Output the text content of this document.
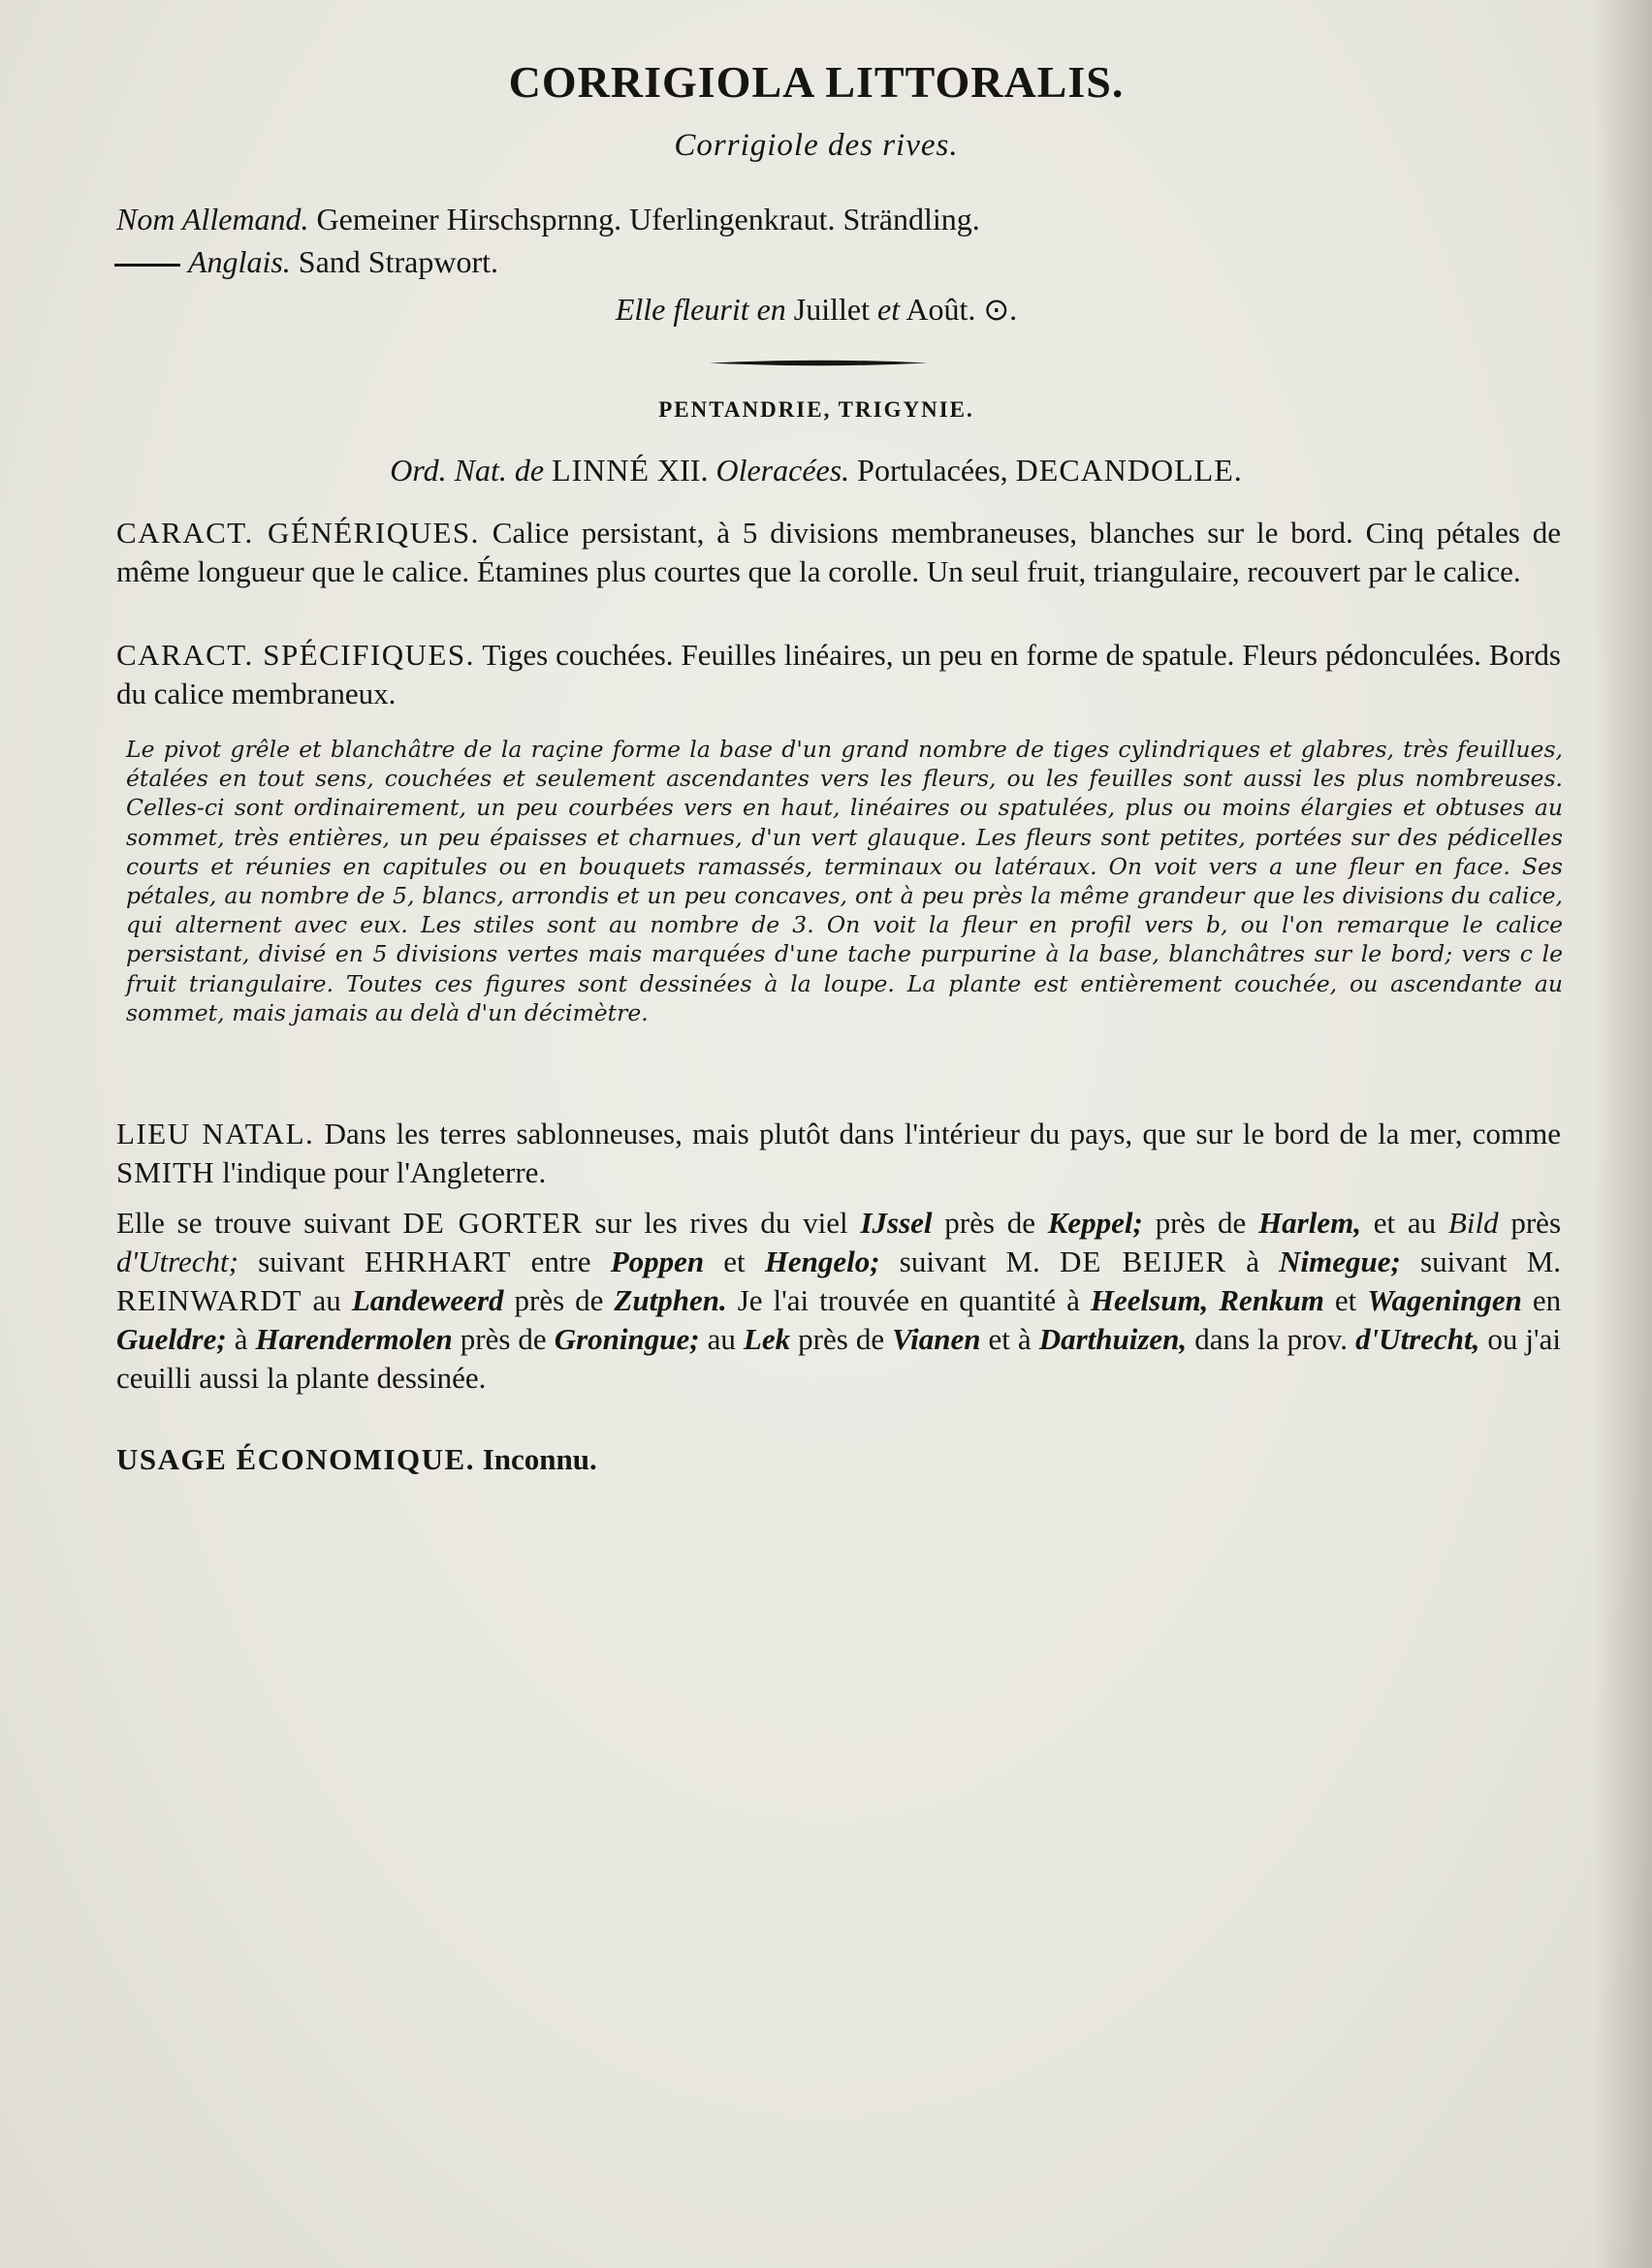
CORRIGIOLA LITTORALIS.
Corrigiole des rives.
Nom Allemand. Gemeiner Hirschsprnng. Uferlingenkraut. Strändling.
Anglais. Sand Strapwort.
Elle fleurit en Juillet et Août. ⊙.
PENTANDRIE, TRIGYNIE.
Ord. Nat. de LINNÉ XII. Oleracées. Portulacées, DECANDOLLE.
CARACT. GÉNÉRIQUES. Calice persistant, à 5 divisions membraneuses, blanches sur le bord. Cinq pétales de même longueur que le calice. Étamines plus courtes que la corolle. Un seul fruit, triangulaire, recouvert par le calice.
CARACT. SPÉCIFIQUES. Tiges couchées. Feuilles linéaires, un peu en forme de spatule. Fleurs pédonculées. Bords du calice membraneux.
Le pivot grêle et blanchâtre de la raçine forme la base d'un grand nombre de tiges cylindriques et glabres, très feuillues, étalées en tout sens, couchées et seulement ascendantes vers les fleurs, ou les feuilles sont aussi les plus nombreuses. Celles-ci sont ordinairement, un peu courbées vers en haut, linéaires ou spatulées, plus ou moins élargies et obtuses au sommet, très entières, un peu épaisses et charnues, d'un vert glauque. Les fleurs sont petites, portées sur des pédicelles courts et réunies en capitules ou en bouquets ramassés, terminaux ou latéraux. On voit vers a une fleur en face. Ses pétales, au nombre de 5, blancs, arrondis et un peu concaves, ont à peu près la même grandeur que les divisions du calice, qui alternent avec eux. Les stiles sont au nombre de 3. On voit la fleur en profil vers b, ou l'on remarque le calice persistant, divisé en 5 divisions vertes mais marquées d'une tache purpurine à la base, blanchâtres sur le bord; vers c le fruit triangulaire. Toutes ces figures sont dessinées à la loupe. La plante est entièrement couchée, ou ascendante au sommet, mais jamais au delà d'un décimètre.
LIEU NATAL. Dans les terres sablonneuses, mais plutôt dans l'intérieur du pays, que sur le bord de la mer, comme SMITH l'indique pour l'Angleterre.
Elle se trouve suivant DE GORTER sur les rives du viel IJssel près de Keppel; près de Harlem, et au Bild près d'Utrecht; suivant EHRHART entre Poppen et Hengelo; suivant M. DE BEIJER à Nimegue; suivant M. REINWARDT au Landeweerd près de Zutphen. Je l'ai trouvée en quantité à Heelsum, Renkum et Wageningen en Gueldre; à Harendermolen près de Groningue; au Lek près de Vianen et à Darthuizen, dans la prov. d'Utrecht, ou j'ai ceuilli aussi la plante dessinée.
USAGE ÉCONOMIQUE. Inconnu.
